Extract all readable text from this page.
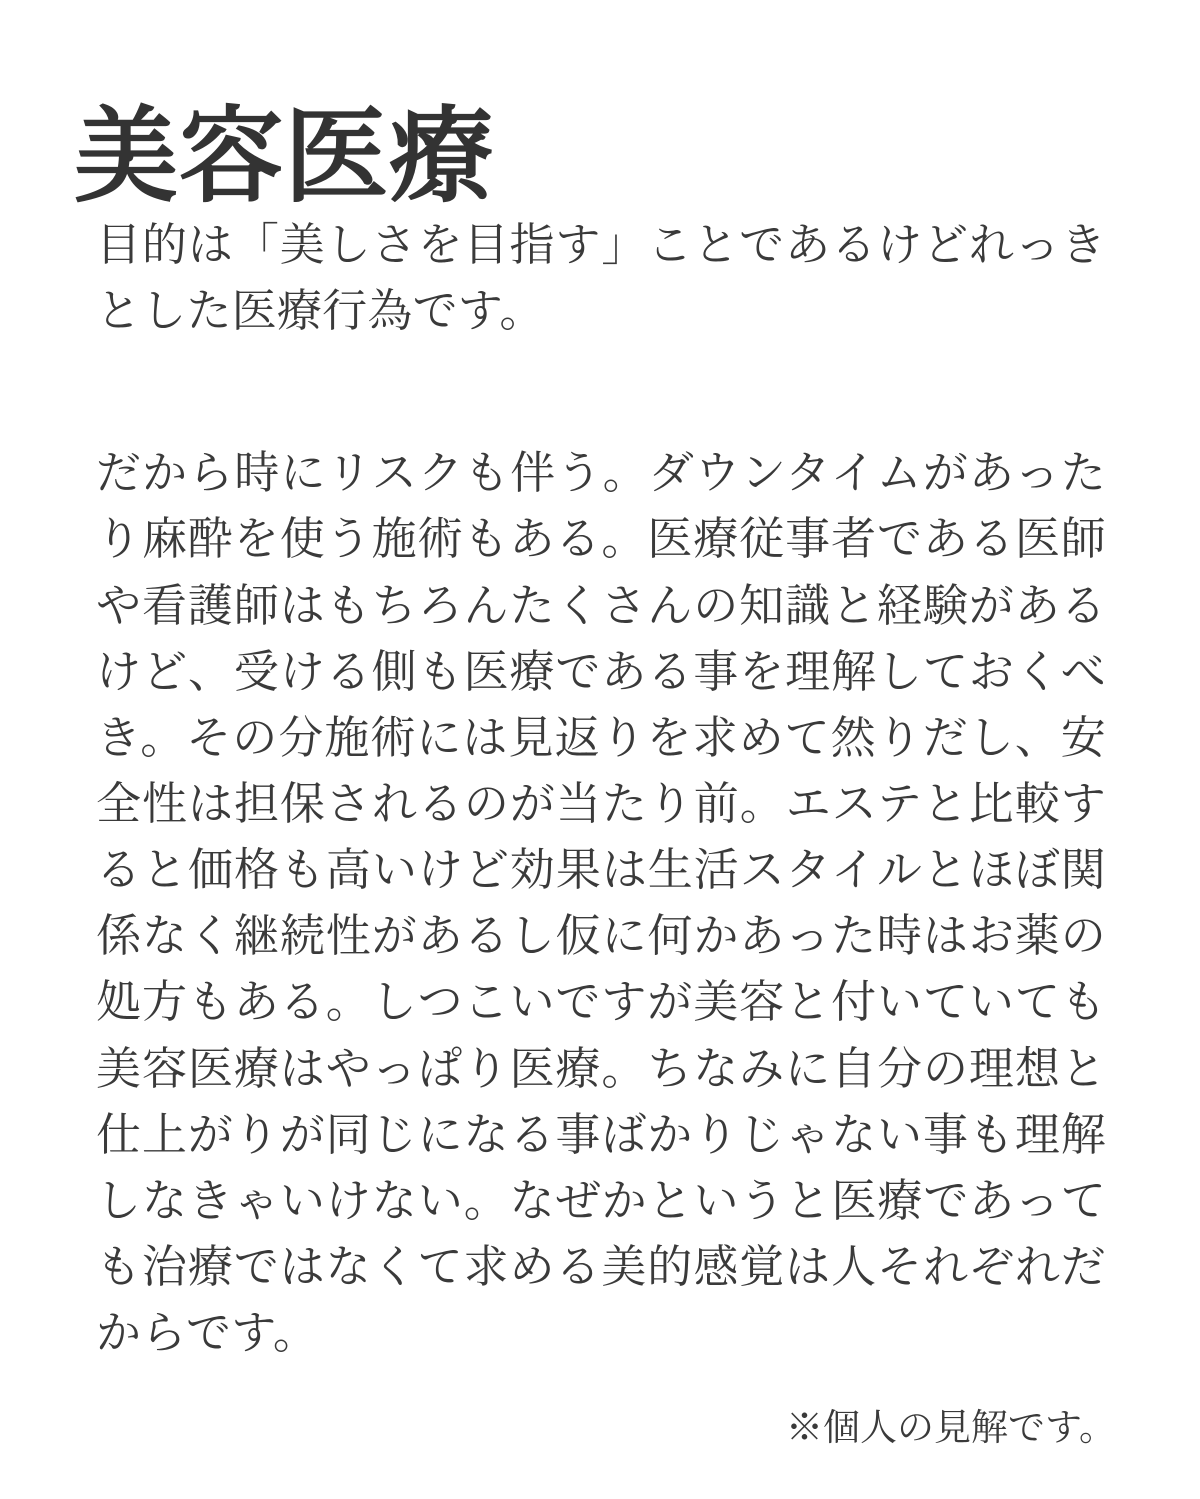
美容医療

目的は「美しさを目指す」ことであるけどれっきとした医療行為です。

だから時にリスクも伴う。ダウンタイムがあったり麻酔を使う施術もある。医療従事者である医師や看護師はもちろんたくさんの知識と経験があるけど、受ける側も医療である事を理解しておくべき。その分施術には見返りを求めて然りだし、安全性は担保されるのが当たり前。エステと比較すると価格も高いけど効果は生活スタイルとほぼ関係なく継続性があるし仮に何かあった時はお薬の処方もある。しつこいですが美容と付いていても美容医療はやっぱり医療。ちなみに自分の理想と仕上がりが同じになる事ばかりじゃない事も理解しなきゃいけない。なぜかというと医療であっても治療ではなくて求める美的感覚は人それぞれだからです。

※個人の見解です。
